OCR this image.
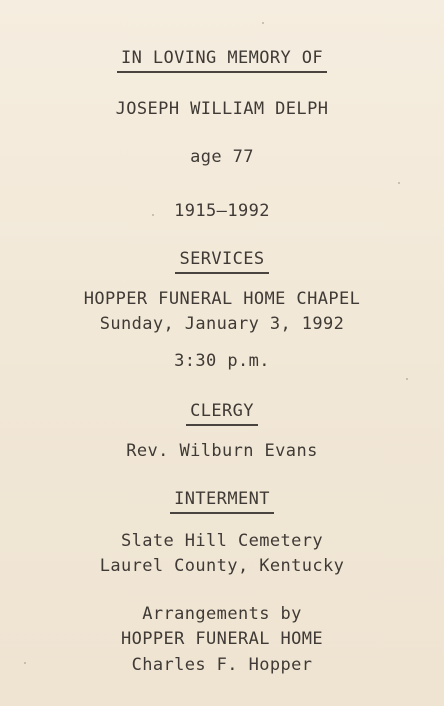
IN LOVING MEMORY OF
JOSEPH WILLIAM DELPH
age 77
1915–1992
SERVICES
HOPPER FUNERAL HOME CHAPEL
Sunday, January 3, 1992
3:30 p.m.
CLERGY
Rev. Wilburn Evans
INTERMENT
Slate Hill Cemetery
Laurel County, Kentucky
Arrangements by
HOPPER FUNERAL HOME
Charles F. Hopper
